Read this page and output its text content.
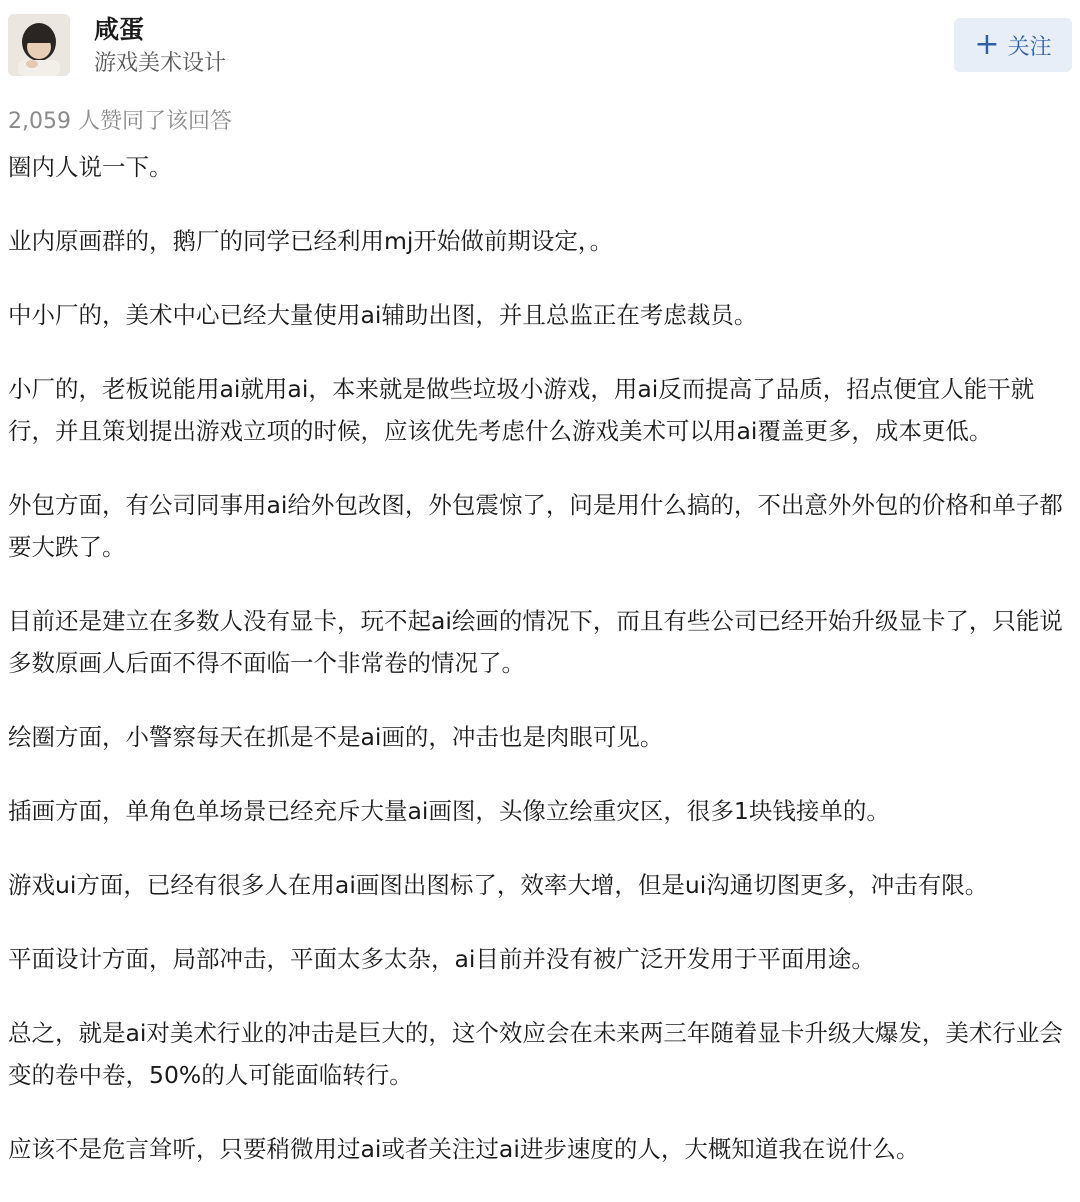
咸蛋
游戏美术设计
+ 关注
2,059 人赞同了该回答

圈内人说一下。

业内原画群的，鹅厂的同学已经利用mj开始做前期设定，。

中小厂的，美术中心已经大量使用ai辅助出图，并且总监正在考虑裁员。

小厂的，老板说能用ai就用ai，本来就是做些垃圾小游戏，用ai反而提高了品质，招点便宜人能干就行，并且策划提出游戏立项的时候，应该优先考虑什么游戏美术可以用ai覆盖更多，成本更低。

外包方面，有公司同事用ai给外包改图，外包震惊了，问是用什么搞的，不出意外外包的价格和单子都要大跌了。

目前还是建立在多数人没有显卡，玩不起ai绘画的情况下，而且有些公司已经开始升级显卡了，只能说多数原画人后面不得不面临一个非常卷的情况了。

绘圈方面，小警察每天在抓是不是ai画的，冲击也是肉眼可见。

插画方面，单角色单场景已经充斥大量ai画图，头像立绘重灾区，很多1块钱接单的。

游戏ui方面，已经有很多人在用ai画图出图标了，效率大增，但是ui沟通切图更多，冲击有限。

平面设计方面，局部冲击，平面太多太杂，ai目前并没有被广泛开发用于平面用途。

总之，就是ai对美术行业的冲击是巨大的，这个效应会在未来两三年随着显卡升级大爆发，美术行业会变的卷中卷，50%的人可能面临转行。

应该不是危言耸听，只要稍微用过ai或者关注过ai进步速度的人，大概知道我在说什么。
